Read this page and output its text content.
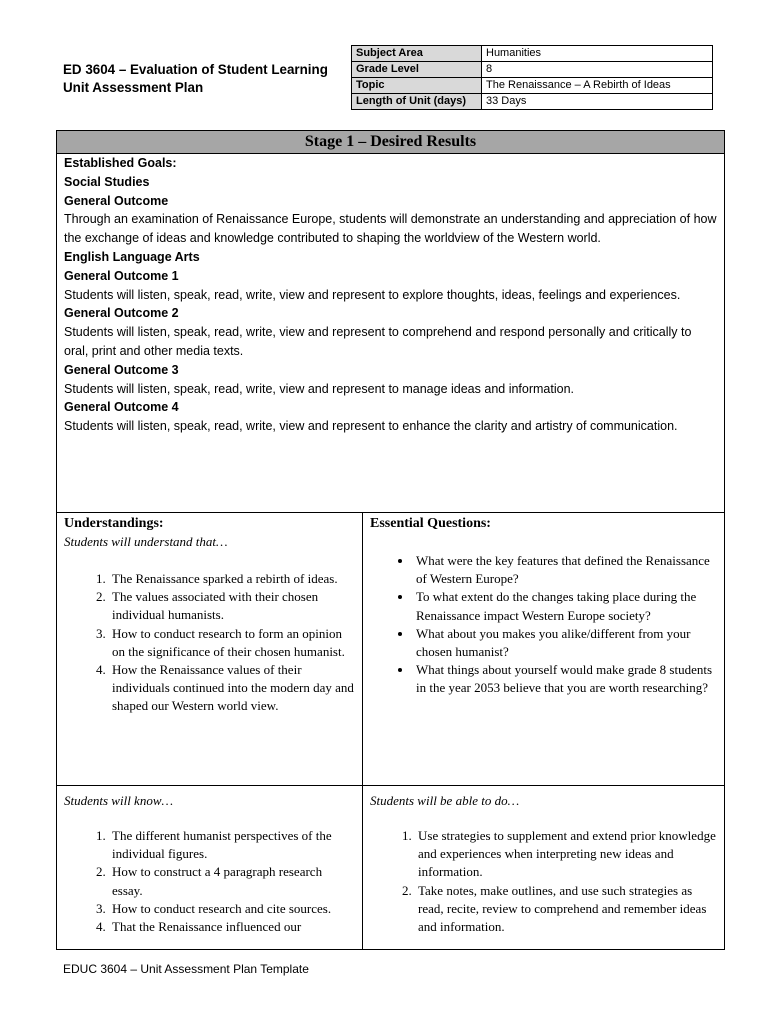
ED 3604 – Evaluation of Student Learning
Unit Assessment Plan
Subject Area	Humanities
Grade Level	8
Topic	The Renaissance – A Rebirth of Ideas
Length of Unit (days)	33 Days
Stage 1 – Desired Results
Established Goals:
Social Studies
General Outcome
Through an examination of Renaissance Europe, students will demonstrate an understanding and appreciation of how the exchange of ideas and knowledge contributed to shaping the worldview of the Western world.
English Language Arts
General Outcome 1
Students will listen, speak, read, write, view and represent to explore thoughts, ideas, feelings and experiences.
General Outcome 2
Students will listen, speak, read, write, view and represent to comprehend and respond personally and critically to oral, print and other media texts.
General Outcome 3
Students will listen, speak, read, write, view and represent to manage ideas and information.
General Outcome 4
Students will listen, speak, read, write, view and represent to enhance the clarity and artistry of communication.
Understandings:
Students will understand that…
1. The Renaissance sparked a rebirth of ideas.
2. The values associated with their chosen individual humanists.
3. How to conduct research to form an opinion on the significance of their chosen humanist.
4. How the Renaissance values of their individuals continued into the modern day and shaped our Western world view.
Essential Questions:
• What were the key features that defined the Renaissance of Western Europe?
• To what extent do the changes taking place during the Renaissance impact Western Europe society?
• What about you makes you alike/different from your chosen humanist?
• What things about yourself would make grade 8 students in the year 2053 believe that you are worth researching?
Students will know…
1. The different humanist perspectives of the individual figures.
2. How to construct a 4 paragraph research essay.
3. How to conduct research and cite sources.
4. That the Renaissance influenced our
Students will be able to do…
1. Use strategies to supplement and extend prior knowledge and experiences when interpreting new ideas and information.
2. Take notes, make outlines, and use such strategies as read, recite, review to comprehend and remember ideas and information.
EDUC 3604 – Unit Assessment Plan Template
